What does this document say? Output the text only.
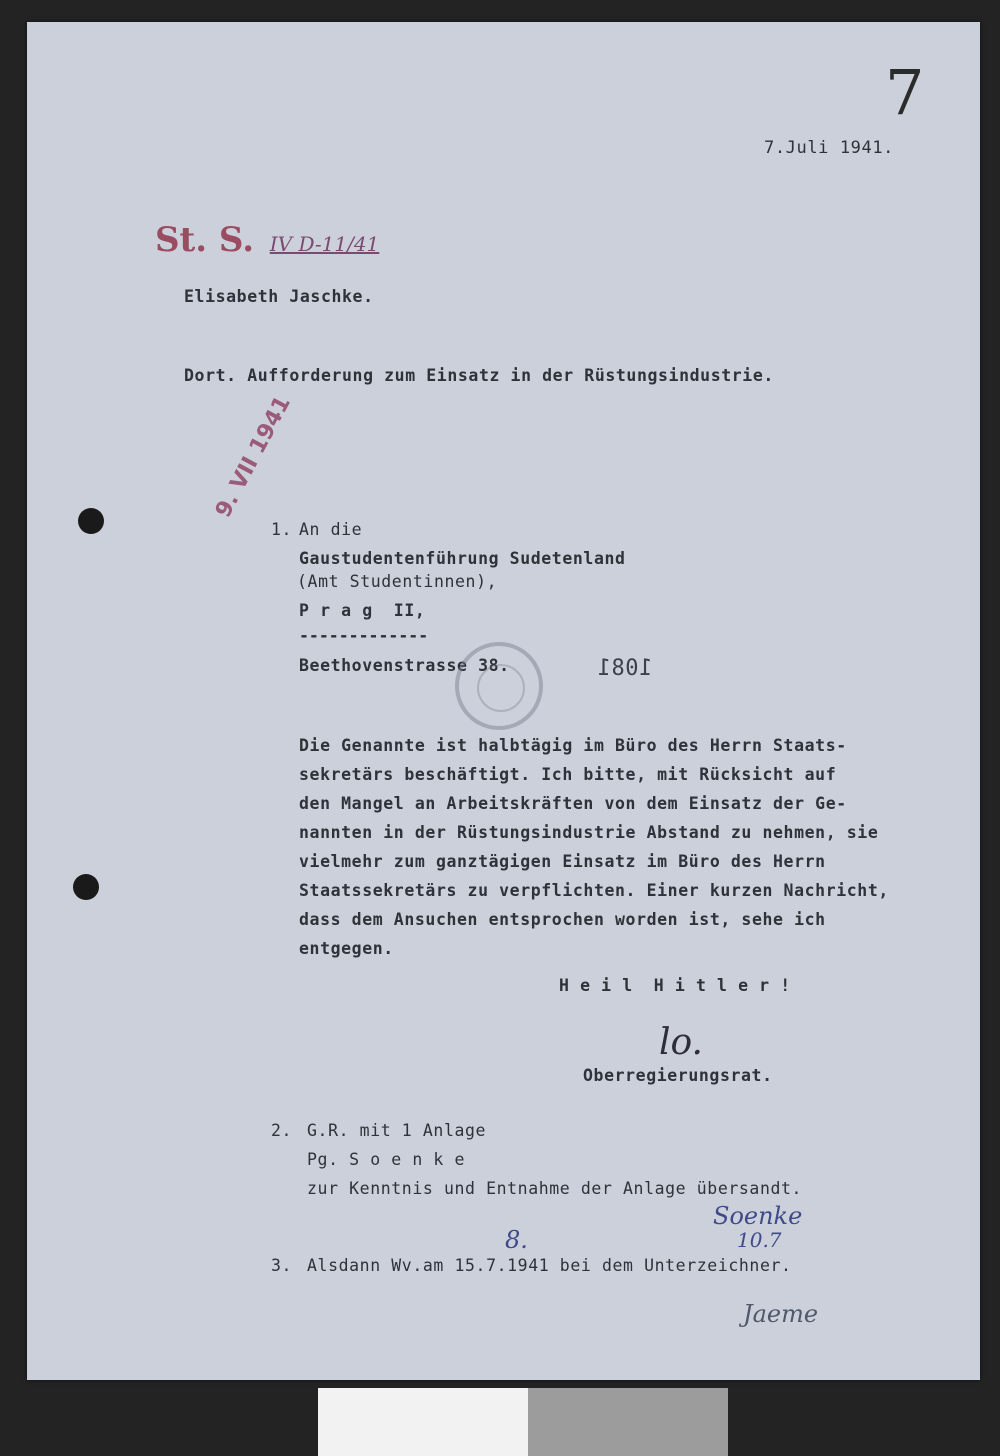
7
7.Juli 1941.
St. S. IV D-11/41
Elisabeth Jaschke.
Dort. Aufforderung zum Einsatz in der Rüstungsindustrie.
9. VII 1941
1. An die
Gaustudentenführung Sudetenland
(Amt Studentinnen),
P r a g  II,
-------------
Beethovenstrasse 38.	1081
Die Genannte ist halbtägig im Büro des Herrn Staats-
sekretärs beschäftigt. Ich bitte, mit Rücksicht auf
den Mangel an Arbeitskräften von dem Einsatz der Ge-
nannten in der Rüstungsindustrie Abstand zu nehmen, sie
vielmehr zum ganztägigen Einsatz im Büro des Herrn
Staatssekretärs zu verpflichten. Einer kurzen Nachricht,
dass dem Ansuchen entsprochen worden ist, sehe ich
entgegen.
H e i l  H i t l e r !
lo.
Oberregierungsrat.
2. G.R. mit 1 Anlage
Pg. S o e n k e
zur Kenntnis und Entnahme der Anlage übersandt.
Soenke
10.7
8.
3. Alsdann Wv.am 15.7.1941 bei dem Unterzeichner.
Jaeme
